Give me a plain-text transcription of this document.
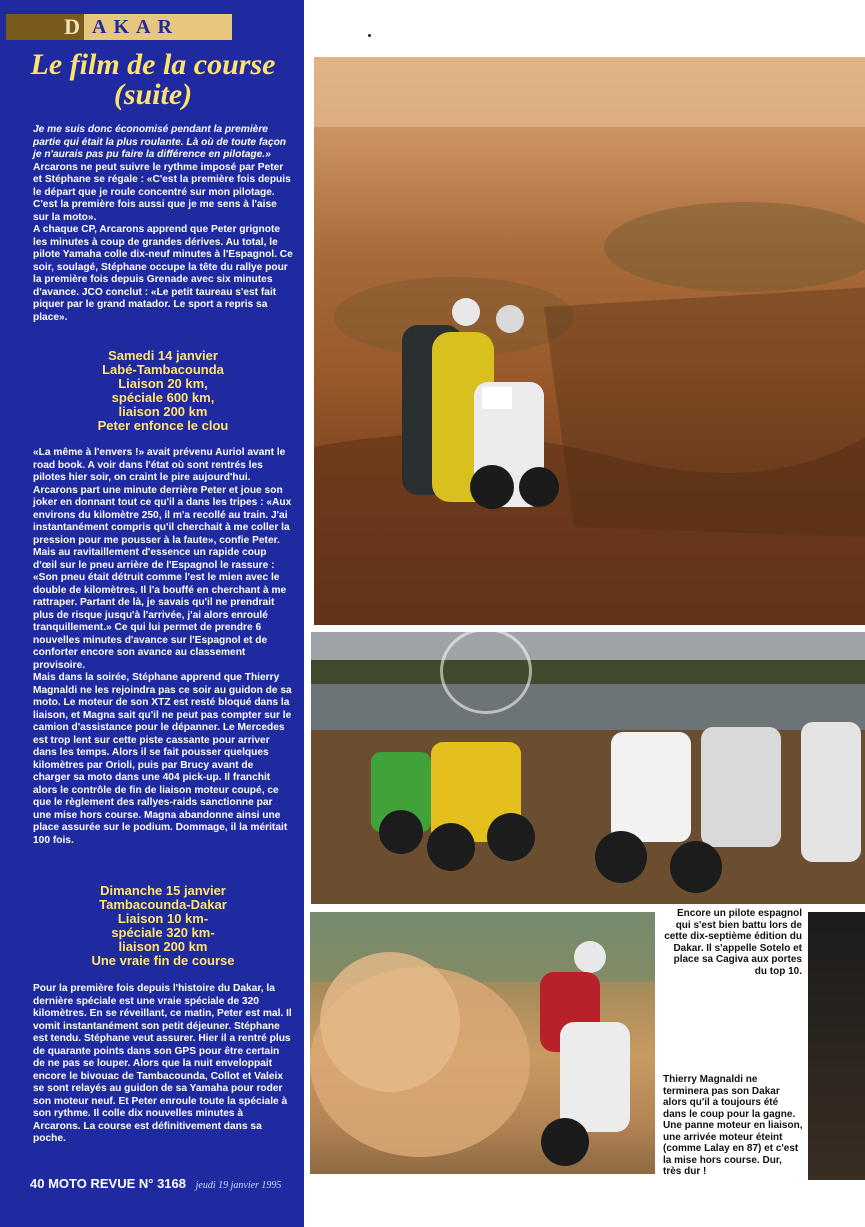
D AKAR
Le film de la course (suite)

Je me suis donc économisé pendant la première partie qui était la plus roulante. Là où de toute façon je n'aurais pas pu faire la différence en pilotage.»

Arcarons ne peut suivre le rythme imposé par Peter et Stéphane se régale : «C'est la première fois depuis le départ que je roule concentré sur mon pilotage. C'est la première fois aussi que je me sens à l'aise sur la moto».

A chaque CP, Arcarons apprend que Peter grignote les minutes à coup de grandes dérives. Au total, le pilote Yamaha colle dix-neuf minutes à l'Espagnol. Ce soir, soulagé, Stéphane occupe la tête du rallye pour la première fois depuis Grenade avec six minutes d'avance. JCO conclut : «Le petit taureau s'est fait piquer par le grand matador. Le sport a repris sa place».

Samedi 14 janvier
Labé-Tambacounda
Liaison 20 km,
spéciale 600 km,
liaison 200 km
Peter enfonce le clou

«La même à l'envers !» avait prévenu Auriol avant le road book. A voir dans l'état où sont rentrés les pilotes hier soir, on craint le pire aujourd'hui.

Arcarons part une minute derrière Peter et joue son joker en donnant tout ce qu'il a dans les tripes : «Aux environs du kilomètre 250, il m'a recollé au train. J'ai instantanément compris qu'il cherchait à me coller la pression pour me pousser à la faute», confie Peter. Mais au ravitaillement d'essence un rapide coup d'œil sur le pneu arrière de l'Espagnol le rassure : «Son pneu était détruit comme l'est le mien avec le double de kilomètres. Il l'a bouffé en cherchant à me rattraper. Partant de là, je savais qu'il ne prendrait plus de risque jusqu'à l'arrivée, j'ai alors enroulé tranquillement.» Ce qui lui permet de prendre 6 nouvelles minutes d'avance sur l'Espagnol et de conforter encore son avance au classement provisoire.

Mais dans la soirée, Stéphane apprend que Thierry Magnaldi ne les rejoindra pas ce soir au guidon de sa moto. Le moteur de son XTZ est resté bloqué dans la liaison, et Magna sait qu'il ne peut pas compter sur le camion d'assistance pour le dépanner. Le Mercedes est trop lent sur cette piste cassante pour arriver dans les temps. Alors il se fait pousser quelques kilomètres par Orioli, puis par Brucy avant de charger sa moto dans une 404 pick-up. Il franchit alors le contrôle de fin de liaison moteur coupé, ce que le règlement des rallyes-raids sanctionne par une mise hors course. Magna abandonne ainsi une place assurée sur le podium. Dommage, il la méritait 100 fois.

Dimanche 15 janvier
Tambacounda-Dakar
Liaison 10 km-
spéciale 320 km-
liaison 200 km
Une vraie fin de course

Pour la première fois depuis l'histoire du Dakar, la dernière spéciale est une vraie spéciale de 320 kilomètres. En se réveillant, ce matin, Peter est mal. Il vomit instantanément son petit déjeuner. Stéphane est tendu. Stéphane veut assurer. Hier il a rentré plus de quarante points dans son GPS pour être certain de ne pas se louper. Alors que la nuit enveloppait encore le bivouac de Tambacounda, Collot et Valeix se sont relayés au guidon de sa Yamaha pour roder son moteur neuf. Et Peter enroule toute la spéciale à son rythme. Il colle dix nouvelles minutes à Arcarons. La course est définitivement dans sa poche.

40 MOTO REVUE N° 3168 jeudi 19 janvier 1995
Encore un pilote espagnol qui s'est bien battu lors de cette dix-septième édition du Dakar. Il s'appelle Sotelo et place sa Cagiva aux portes du top 10.
Thierry Magnaldi ne terminera pas son Dakar alors qu'il a toujours été dans le coup pour la gagne. Une panne moteur en liaison, une arrivée moteur éteint (comme Lalay en 87) et c'est la mise hors course. Dur, très dur !
